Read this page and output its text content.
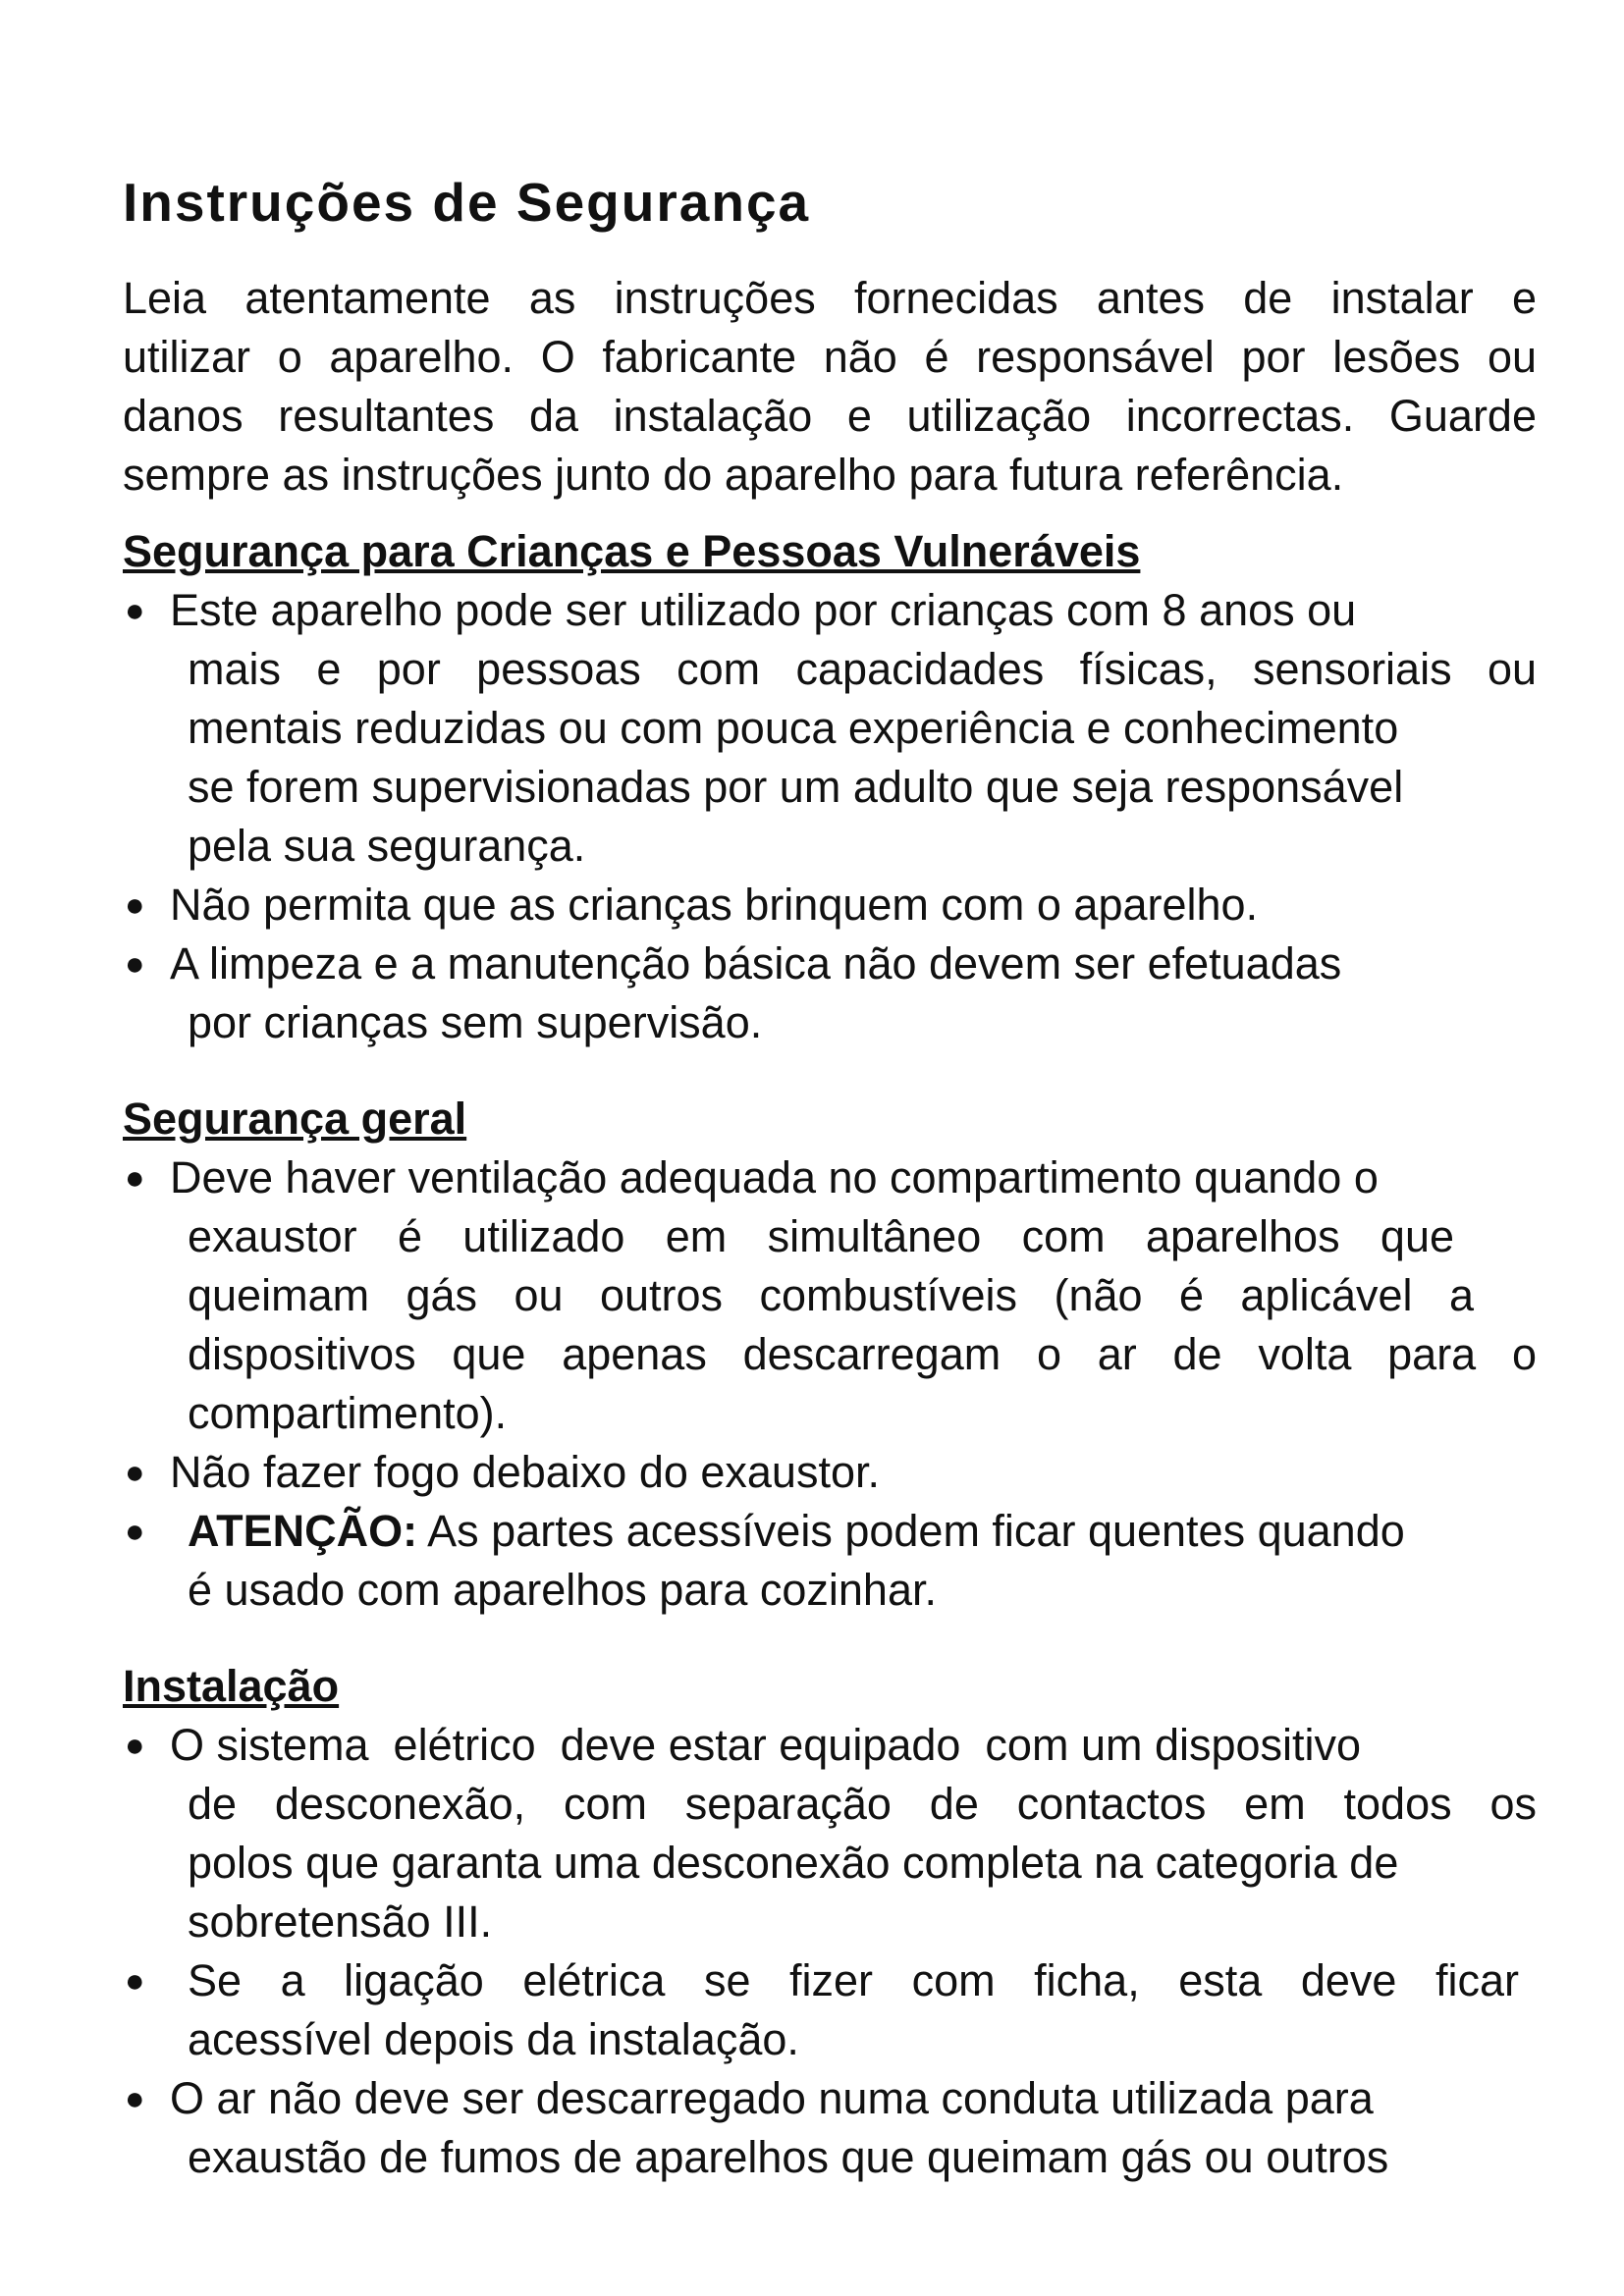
Instruções de Segurança

Leia atentamente as instruções fornecidas antes de instalar e
utilizar o aparelho. O fabricante não é responsável por lesões ou
danos resultantes da instalação e utilização incorrectas. Guarde
sempre as instruções junto do aparelho para futura referência.

Segurança para Crianças e Pessoas Vulneráveis
● Este aparelho pode ser utilizado por crianças com 8 anos ou
mais e por pessoas com capacidades físicas, sensoriais ou
mentais reduzidas ou com pouca experiência e conhecimento
se forem supervisionadas por um adulto que seja responsável
pela sua segurança.
● Não permita que as crianças brinquem com o aparelho.
● A limpeza e a manutenção básica não devem ser efetuadas
por crianças sem supervisão.
Segurança geral
● Deve haver ventilação adequada no compartimento quando o
exaustor é utilizado em simultâneo com aparelhos que
queimam gás ou outros combustíveis (não é aplicável a
dispositivos que apenas descarregam o ar de volta para o
compartimento).
● Não fazer fogo debaixo do exaustor.
● ATENÇÃO: As partes acessíveis podem ficar quentes quando
é usado com aparelhos para cozinhar.
Instalação
● O sistema  elétrico  deve estar equipado  com um dispositivo
de desconexão, com separação de contactos em todos os
polos que garanta uma desconexão completa na categoria de
sobretensão III.
● Se a ligação elétrica se fizer com ficha, esta deve ficar
acessível depois da instalação.
● O ar não deve ser descarregado numa conduta utilizada para
exaustão de fumos de aparelhos que queimam gás ou outros
